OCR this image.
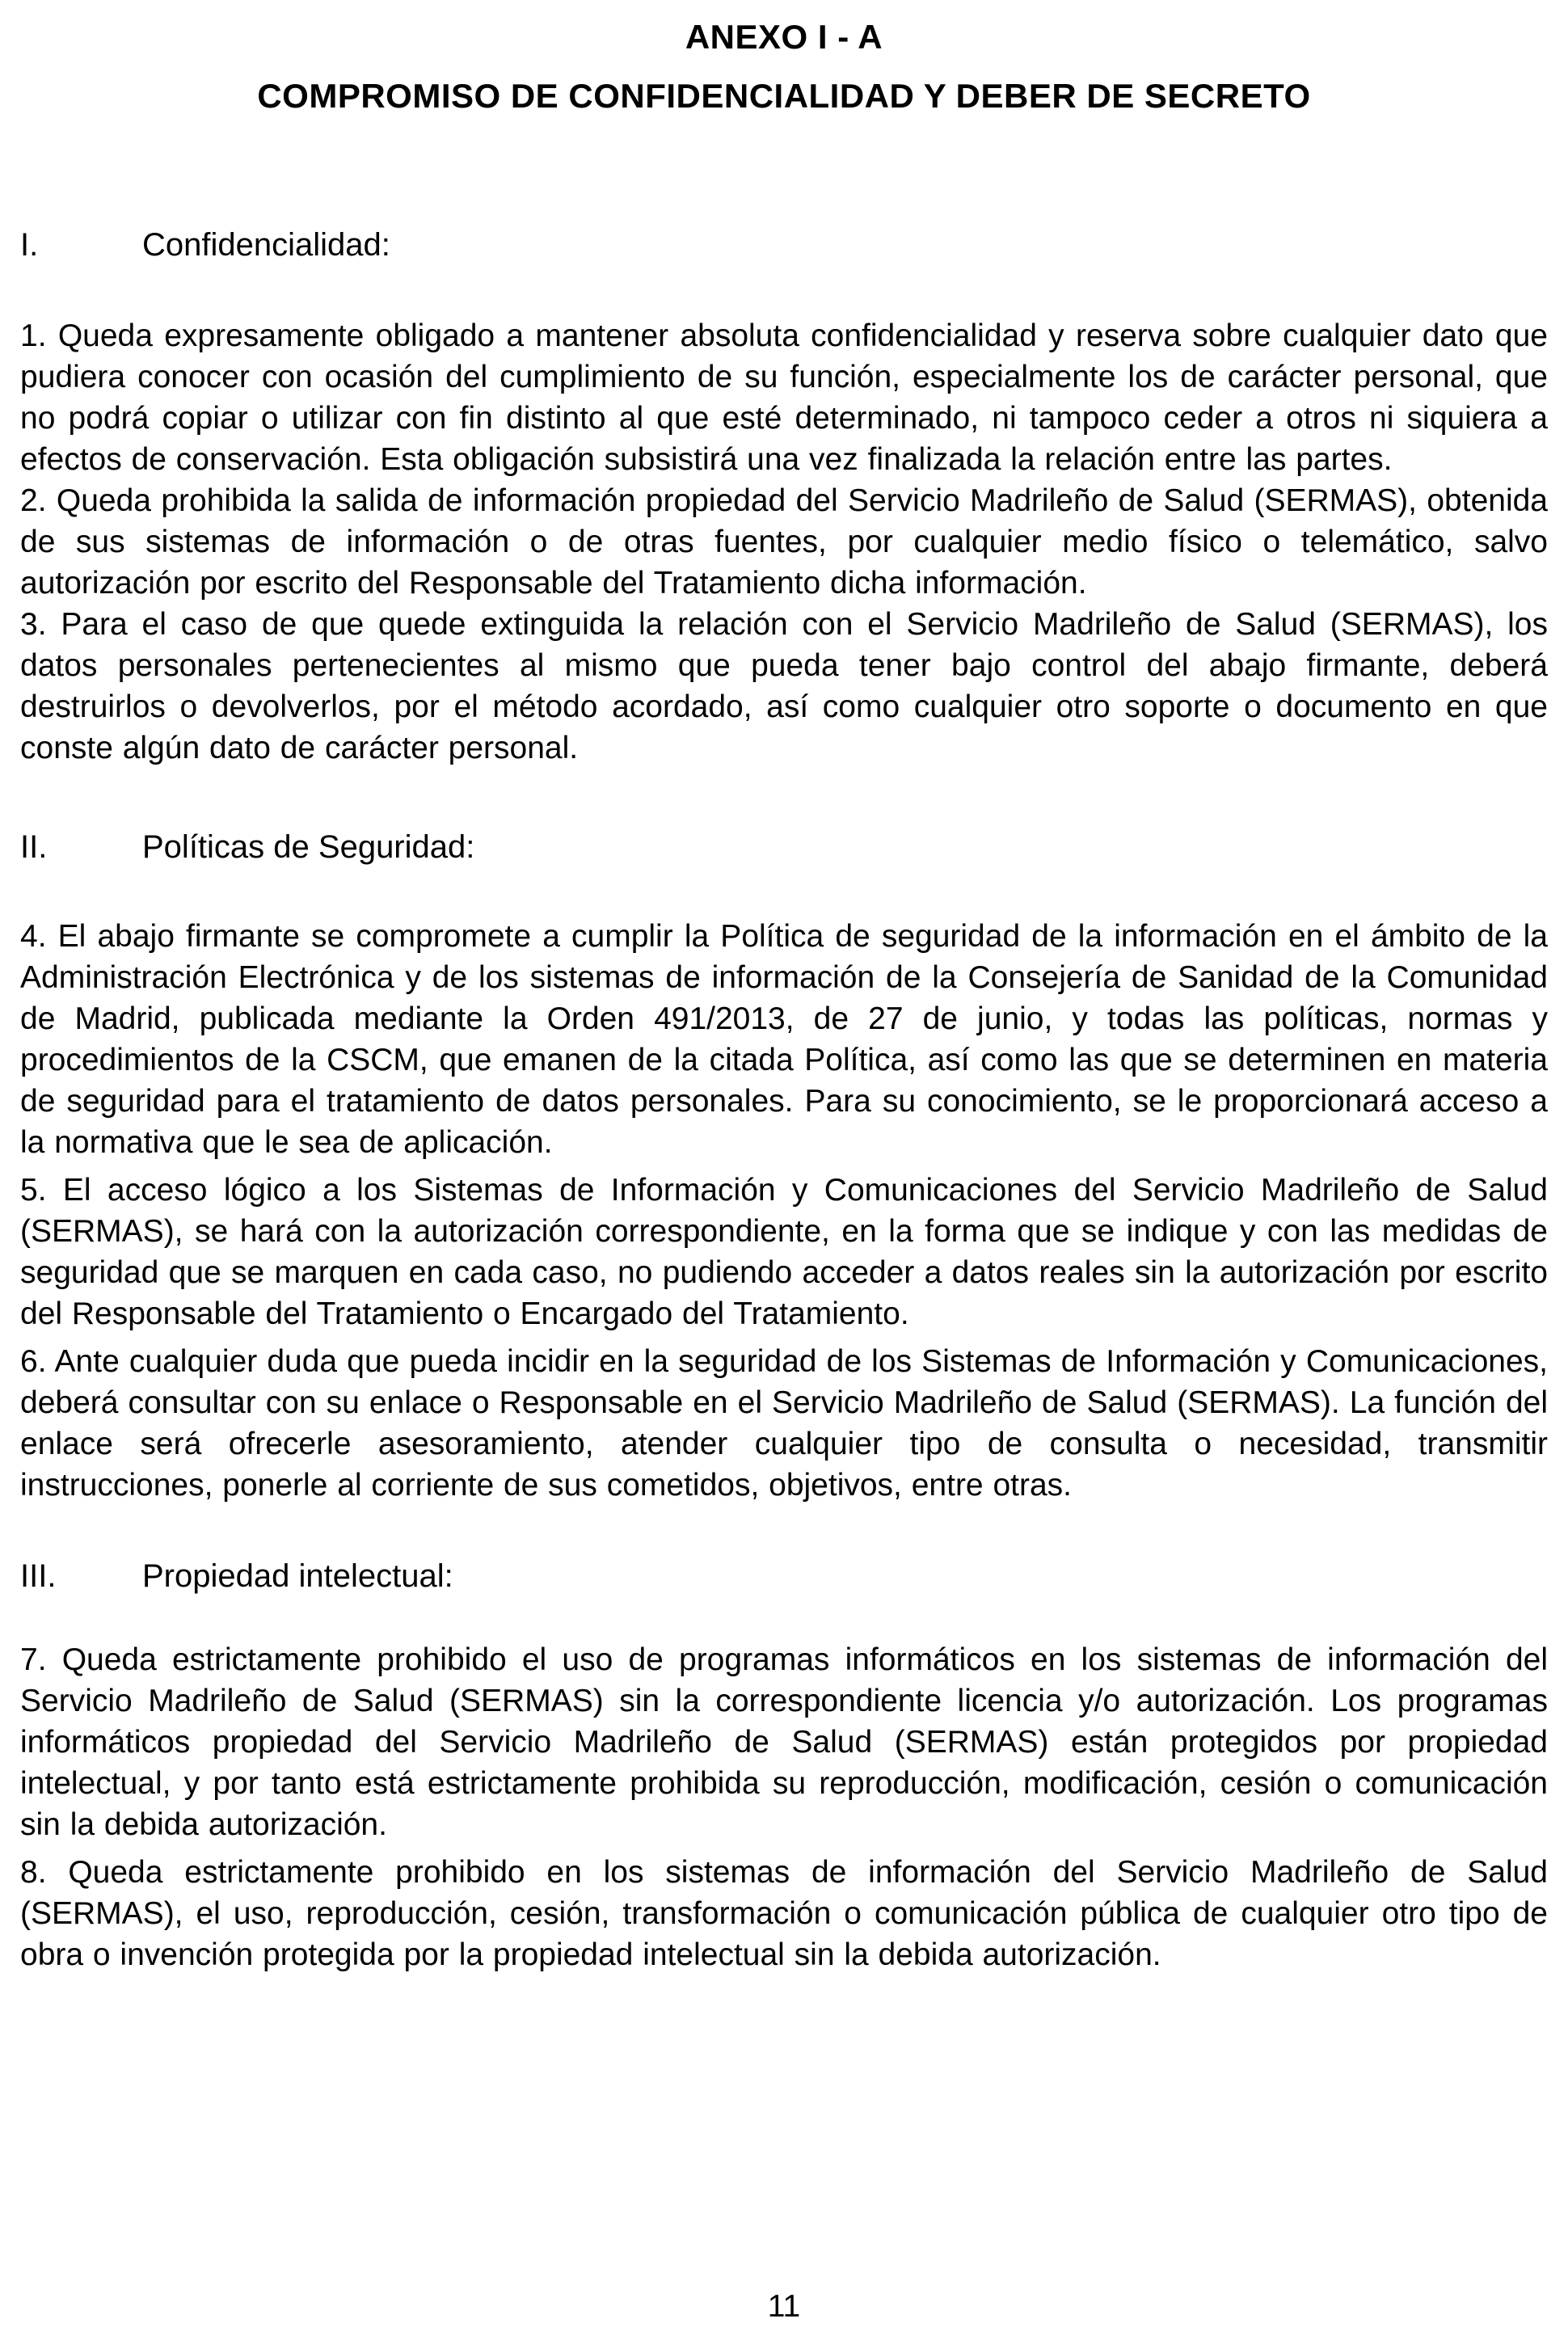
ANEXO I - A
COMPROMISO DE CONFIDENCIALIDAD Y DEBER DE SECRETO
I.	Confidencialidad:

1. Queda expresamente obligado a mantener absoluta confidencialidad y reserva sobre cualquier dato que pudiera conocer con ocasión del cumplimiento de su función, especialmente los de carácter personal, que no podrá copiar o utilizar con fin distinto al que esté determinado, ni tampoco ceder a otros ni siquiera a efectos de conservación. Esta obligación subsistirá una vez finalizada la relación entre las partes.

2. Queda prohibida la salida de información propiedad del Servicio Madrileño de Salud (SERMAS), obtenida de sus sistemas de información o de otras fuentes, por cualquier medio físico o telemático, salvo autorización por escrito del Responsable del Tratamiento dicha información.

3. Para el caso de que quede extinguida la relación con el Servicio Madrileño de Salud (SERMAS), los datos personales pertenecientes al mismo que pueda tener bajo control del abajo firmante, deberá destruirlos o devolverlos, por el método acordado, así como cualquier otro soporte o documento en que conste algún dato de carácter personal.

II.	Políticas de Seguridad:

4. El abajo firmante se compromete a cumplir la Política de seguridad de la información en el ámbito de la Administración Electrónica y de los sistemas de información de la Consejería de Sanidad de la Comunidad de Madrid, publicada mediante la Orden 491/2013, de 27 de junio, y todas las políticas, normas y procedimientos de la CSCM, que emanen de la citada Política, así como las que se determinen en materia de seguridad para el tratamiento de datos personales. Para su conocimiento, se le proporcionará acceso a la normativa que le sea de aplicación.

5. El acceso lógico a los Sistemas de Información y Comunicaciones del Servicio Madrileño de Salud (SERMAS), se hará con la autorización correspondiente, en la forma que se indique y con las medidas de seguridad que se marquen en cada caso, no pudiendo acceder a datos reales sin la autorización por escrito del Responsable del Tratamiento o Encargado del Tratamiento.

6. Ante cualquier duda que pueda incidir en la seguridad de los Sistemas de Información y Comunicaciones, deberá consultar con su enlace o Responsable en el Servicio Madrileño de Salud (SERMAS). La función del enlace será ofrecerle asesoramiento, atender cualquier tipo de consulta o necesidad, transmitir instrucciones, ponerle al corriente de sus cometidos, objetivos, entre otras.

III.	Propiedad intelectual:

7. Queda estrictamente prohibido el uso de programas informáticos en los sistemas de información del Servicio Madrileño de Salud (SERMAS) sin la correspondiente licencia y/o autorización. Los programas informáticos propiedad del Servicio Madrileño de Salud (SERMAS) están protegidos por propiedad intelectual, y por tanto está estrictamente prohibida su reproducción, modificación, cesión o comunicación sin la debida autorización.

8. Queda estrictamente prohibido en los sistemas de información del Servicio Madrileño de Salud (SERMAS), el uso, reproducción, cesión, transformación o comunicación pública de cualquier otro tipo de obra o invención protegida por la propiedad intelectual sin la debida autorización.

11
